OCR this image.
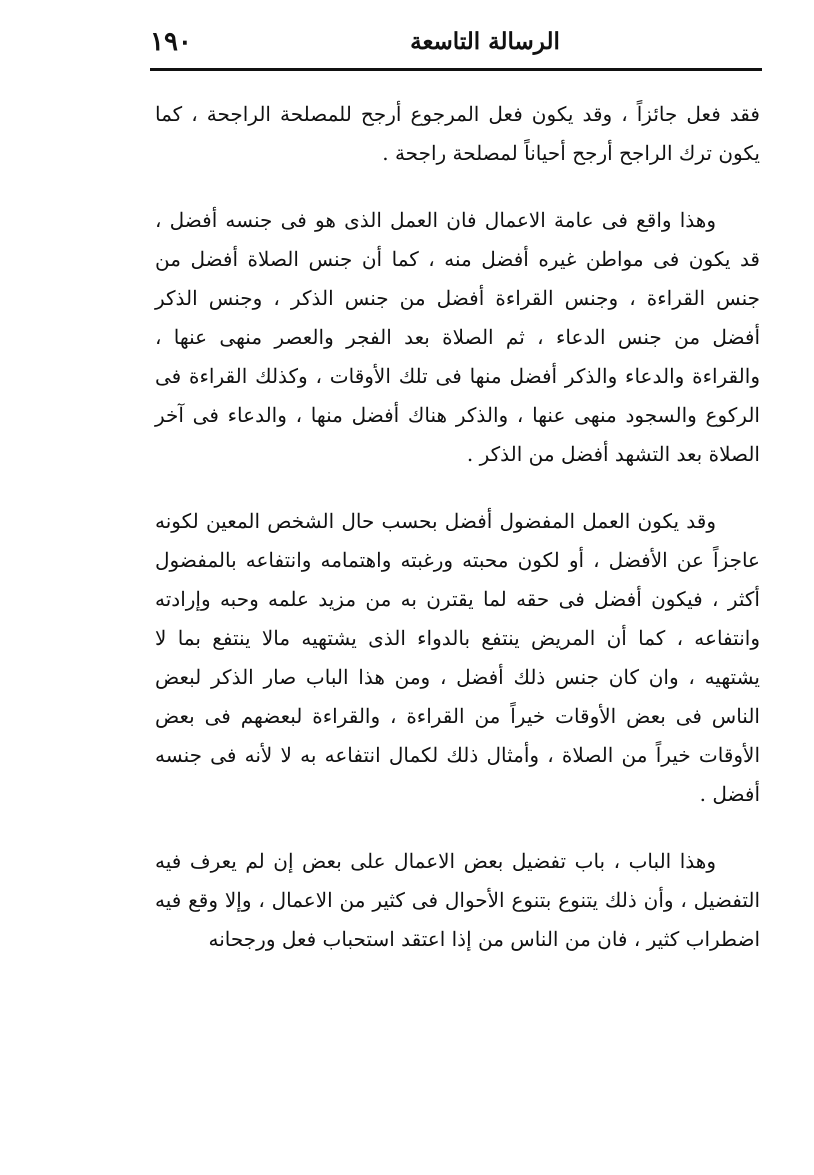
الرسالة التاسعة
١٩٠

فقد فعل جائزاً ، وقد يكون فعل المرجوع أرجح للمصلحة الراجحة ، كما يكون ترك الراجح أرجح أحياناً لمصلحة راجحة .

وهذا واقع فى عامة الاعمال فان العمل الذى هو فى جنسه أفضل ، قد يكون فى مواطن غيره أفضل منه ، كما أن جنس الصلاة أفضل من جنس القراءة ، وجنس القراءة أفضل من جنس الذكر ، وجنس الذكر أفضل من جنس الدعاء ، ثم الصلاة بعد الفجر والعصر منهى عنها ، والقراءة والدعاء والذكر أفضل منها فى تلك الأوقات ، وكذلك القراءة فى الركوع والسجود منهى عنها ، والذكر هناك أفضل منها ، والدعاء فى آخر الصلاة بعد التشهد أفضل من الذكر .

وقد يكون العمل المفضول أفضل بحسب حال الشخص المعين لكونه عاجزاً عن الأفضل ، أو لكون محبته ورغبته واهتمامه وانتفاعه بالمفضول أكثر ، فيكون أفضل فى حقه لما يقترن به من مزيد علمه وحبه وإرادته وانتفاعه ، كما أن المريض ينتفع بالدواء الذى يشتهيه مالا ينتفع بما لا يشتهيه ، وان كان جنس ذلك أفضل ، ومن هذا الباب صار الذكر لبعض الناس فى بعض الأوقات خيراً من القراءة ، والقراءة لبعضهم فى بعض الأوقات خيراً من الصلاة ، وأمثال ذلك لكمال انتفاعه به لا لأنه فى جنسه أفضل .

وهذا الباب ، باب تفضيل بعض الاعمال على بعض إن لم يعرف فيه التفضيل ، وأن ذلك يتنوع بتنوع الأحوال فى كثير من الاعمال ، وإلا وقع فيه اضطراب كثير ، فان من الناس من إذا اعتقد استحباب فعل ورجحانه
